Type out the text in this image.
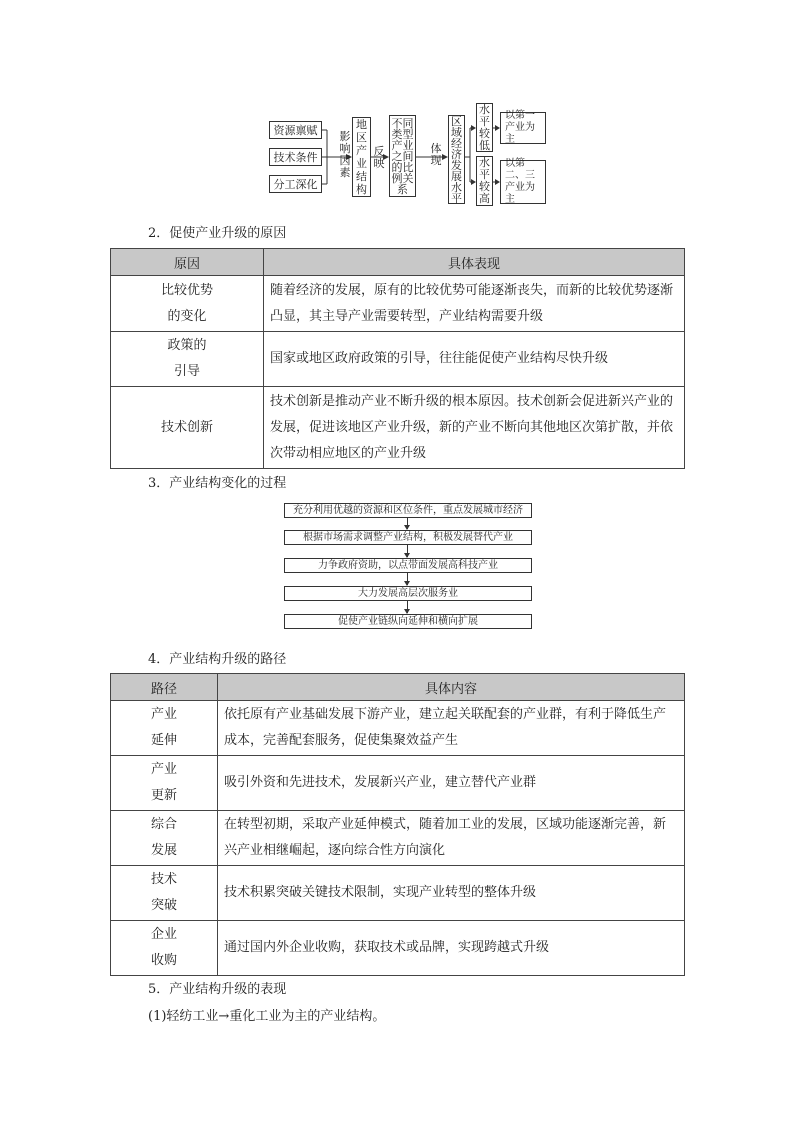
资源禀赋
技术条件
分工深化
影响因素
地区产业结构
反映
不同类型产业之间的比例关系
体现
区域经济发展水平
水平较低
水平较高
以第一产业为主
以第二、三产业为主
2．促使产业升级的原因
原因	具体表现

比较优势
的变化	随着经济的发展，原有的比较优势可能逐渐丧失，而新的比较优势逐渐凸显，其主导产业需要转型，产业结构需要升级

政策的
引导	国家或地区政府政策的引导，往往能促使产业结构尽快升级

技术创新	技术创新是推动产业不断升级的根本原因。技术创新会促进新兴产业的发展，促进该地区产业升级，新的产业不断向其他地区次第扩散，并依次带动相应地区的产业升级
3．产业结构变化的过程
充分利用优越的资源和区位条件，重点发展城市经济
根据市场需求调整产业结构，积极发展替代产业
力争政府资助，以点带面发展高科技产业
大力发展高层次服务业
促使产业链纵向延伸和横向扩展
4．产业结构升级的路径
路径	具体内容

产业
延伸	依托原有产业基础发展下游产业，建立起关联配套的产业群，有利于降低生产成本，完善配套服务，促使集聚效益产生

产业
更新	吸引外资和先进技术，发展新兴产业，建立替代产业群

综合
发展	在转型初期，采取产业延伸模式，随着加工业的发展，区域功能逐渐完善，新兴产业相继崛起，逐向综合性方向演化

技术
突破	技术积累突破关键技术限制，实现产业转型的整体升级

企业
收购	通过国内外企业收购，获取技术或品牌，实现跨越式升级
5．产业结构升级的表现
(1)轻纺工业→重化工业为主的产业结构。
